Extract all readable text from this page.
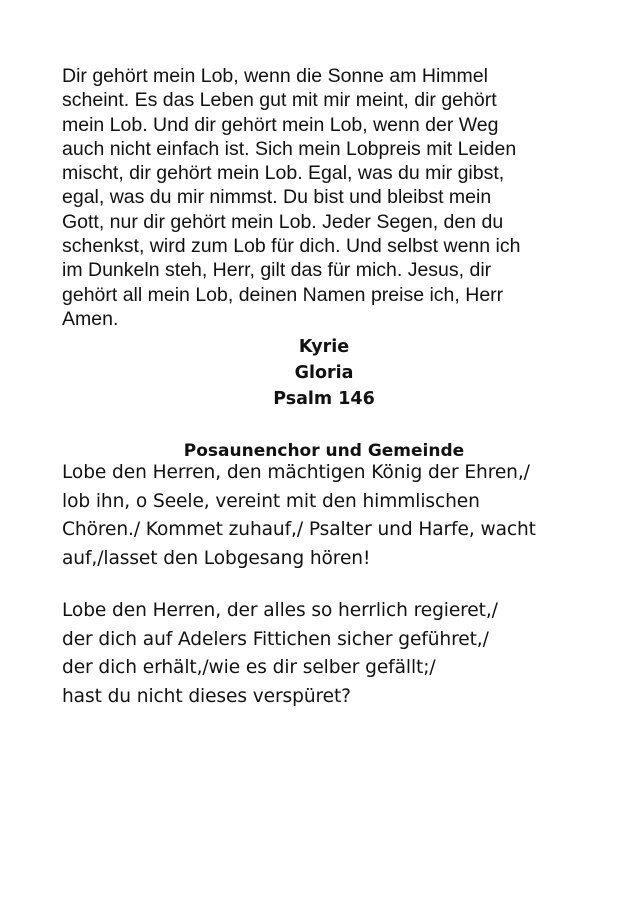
Dir gehört mein Lob, wenn die Sonne am Himmel
scheint. Es das Leben gut mit mir meint, dir gehört
mein Lob. Und dir gehört mein Lob, wenn der Weg
auch nicht einfach ist. Sich mein Lobpreis mit Leiden
mischt, dir gehört mein Lob. Egal, was du mir gibst,
egal, was du mir nimmst. Du bist und bleibst mein
Gott, nur dir gehört mein Lob. Jeder Segen, den du
schenkst, wird zum Lob für dich. Und selbst wenn ich
im Dunkeln steh, Herr, gilt das für mich. Jesus, dir
gehört all mein Lob, deinen Namen preise ich, Herr
Amen.

Kyrie
Gloria
Psalm 146
Posaunenchor und Gemeinde

Lobe den Herren, den mächtigen König der Ehren,/
lob ihn, o Seele, vereint mit den himmlischen
Chören./ Kommet zuhauf,/ Psalter und Harfe, wacht
auf,/lasset den Lobgesang hören!

Lobe den Herren, der alles so herrlich regieret,/
der dich auf Adelers Fittichen sicher geführet,/
der dich erhält,/wie es dir selber gefällt;/
hast du nicht dieses verspüret?
